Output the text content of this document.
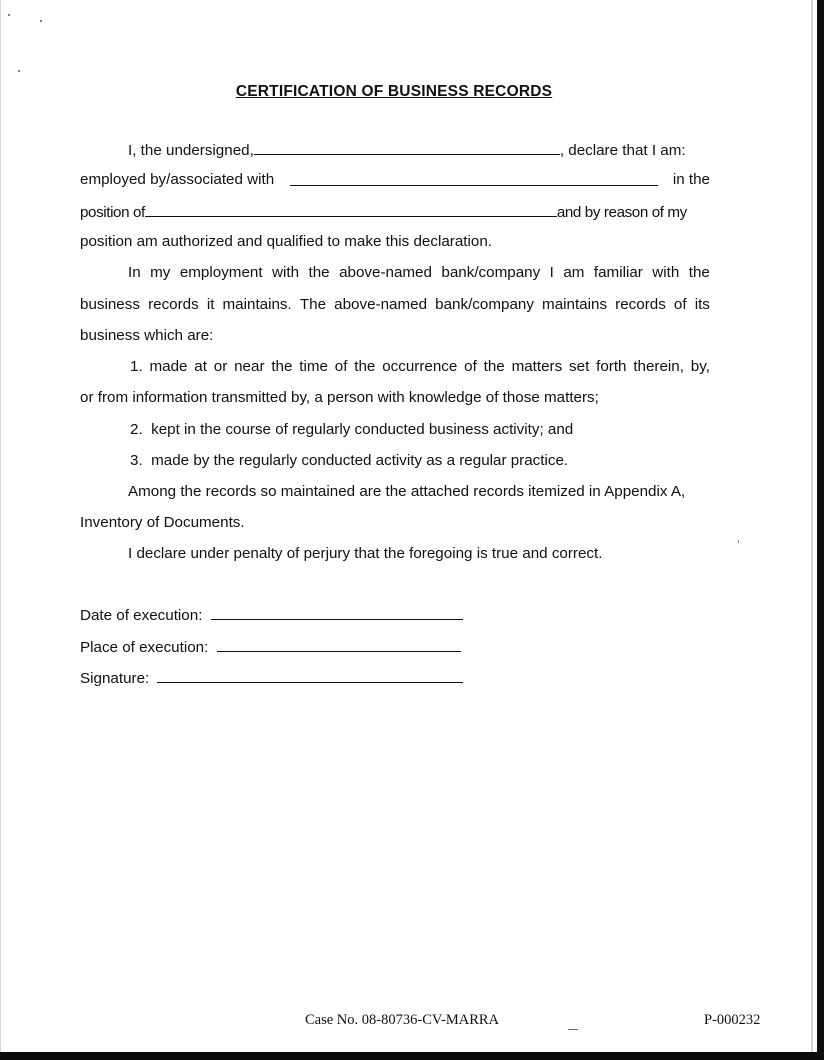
CERTIFICATION OF BUSINESS RECORDS
I, the undersigned,	, declare that I am:
employed by/associated with	in the
position of	and by reason of my
position am authorized and qualified to make this declaration.
In my employment with the above-named bank/company I am familiar with the
business records it maintains. The above-named bank/company maintains records of its
business which are:
1. made at or near the time of the occurrence of the matters set forth therein, by,
or from information transmitted by, a person with knowledge of those matters;
2.  kept in the course of regularly conducted business activity; and
3.  made by the regularly conducted activity as a regular practice.
Among the records so maintained are the attached records itemized in Appendix A,
Inventory of Documents.
I declare under penalty of perjury that the foregoing is true and correct.
Date of execution:
Place of execution:
Signature:
Case No. 08-80736-CV-MARRA	P-000232
